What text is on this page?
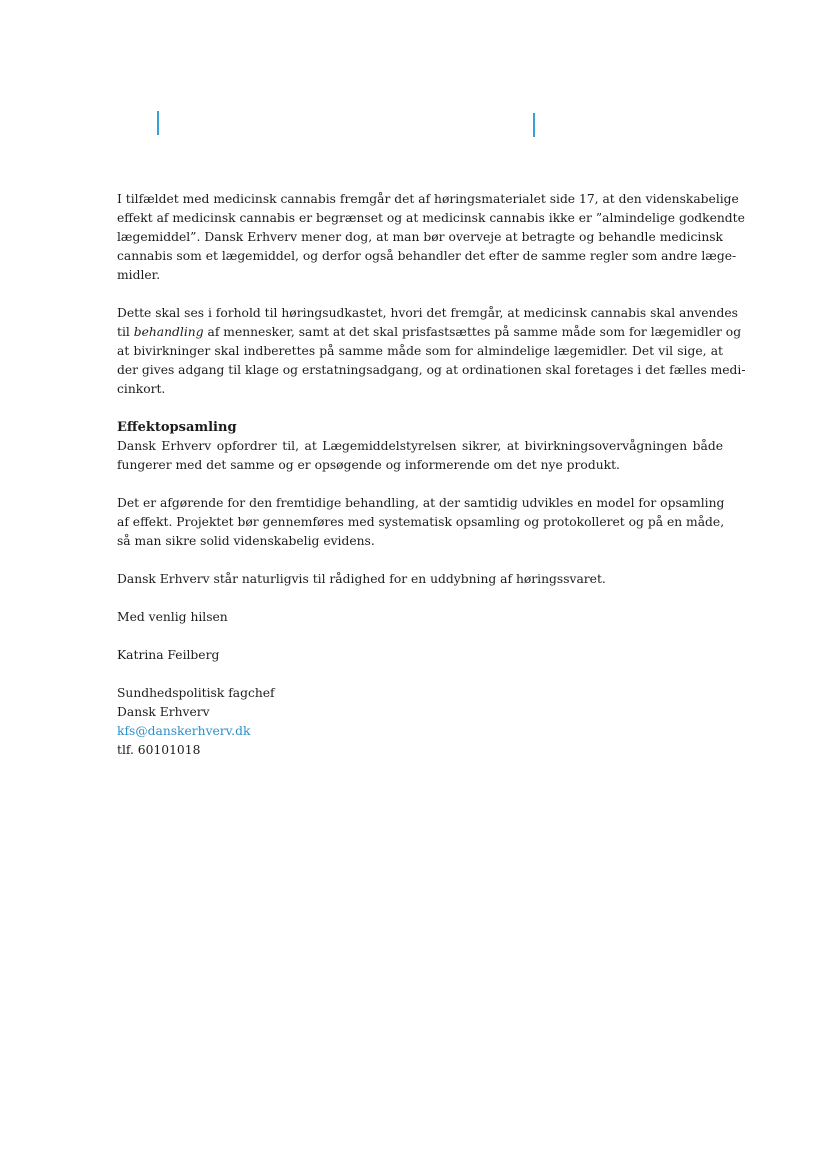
I tilfældet med medicinsk cannabis fremgår det af høringsmaterialet side 17, at den videnskabelige
effekt af medicinsk cannabis er begrænset og at medicinsk cannabis ikke er ”almindelige godkendte
lægemiddel”. Dansk Erhverv mener dog, at man bør overveje at betragte og behandle medicinsk
cannabis som et lægemiddel, og derfor også behandler det efter de samme regler som andre læge-
midler.

Dette skal ses i forhold til høringsudkastet, hvori det fremgår, at medicinsk cannabis skal anvendes
til behandling af mennesker, samt at det skal prisfastsættes på samme måde som for lægemidler og
at bivirkninger skal indberettes på samme måde som for almindelige lægemidler. Det vil sige, at
der gives adgang til klage og erstatningsadgang, og at ordinationen skal foretages i det fælles medi-
cinkort.

Effektopsamling
Dansk Erhverv opfordrer til, at Lægemiddelstyrelsen sikrer, at bivirkningsovervågningen både
fungerer med det samme og er opsøgende og informerende om det nye produkt.

Det er afgørende for den fremtidige behandling, at der samtidig udvikles en model for opsamling
af effekt. Projektet bør gennemføres med systematisk opsamling og protokolleret og på en måde,
så man sikre solid videnskabelig evidens.

Dansk Erhverv står naturligvis til rådighed for en uddybning af høringssvaret.

Med venlig hilsen
Katrina Feilberg
Sundhedspolitisk fagchef
Dansk Erhverv
kfs@danskerhverv.dk
tlf. 60101018
